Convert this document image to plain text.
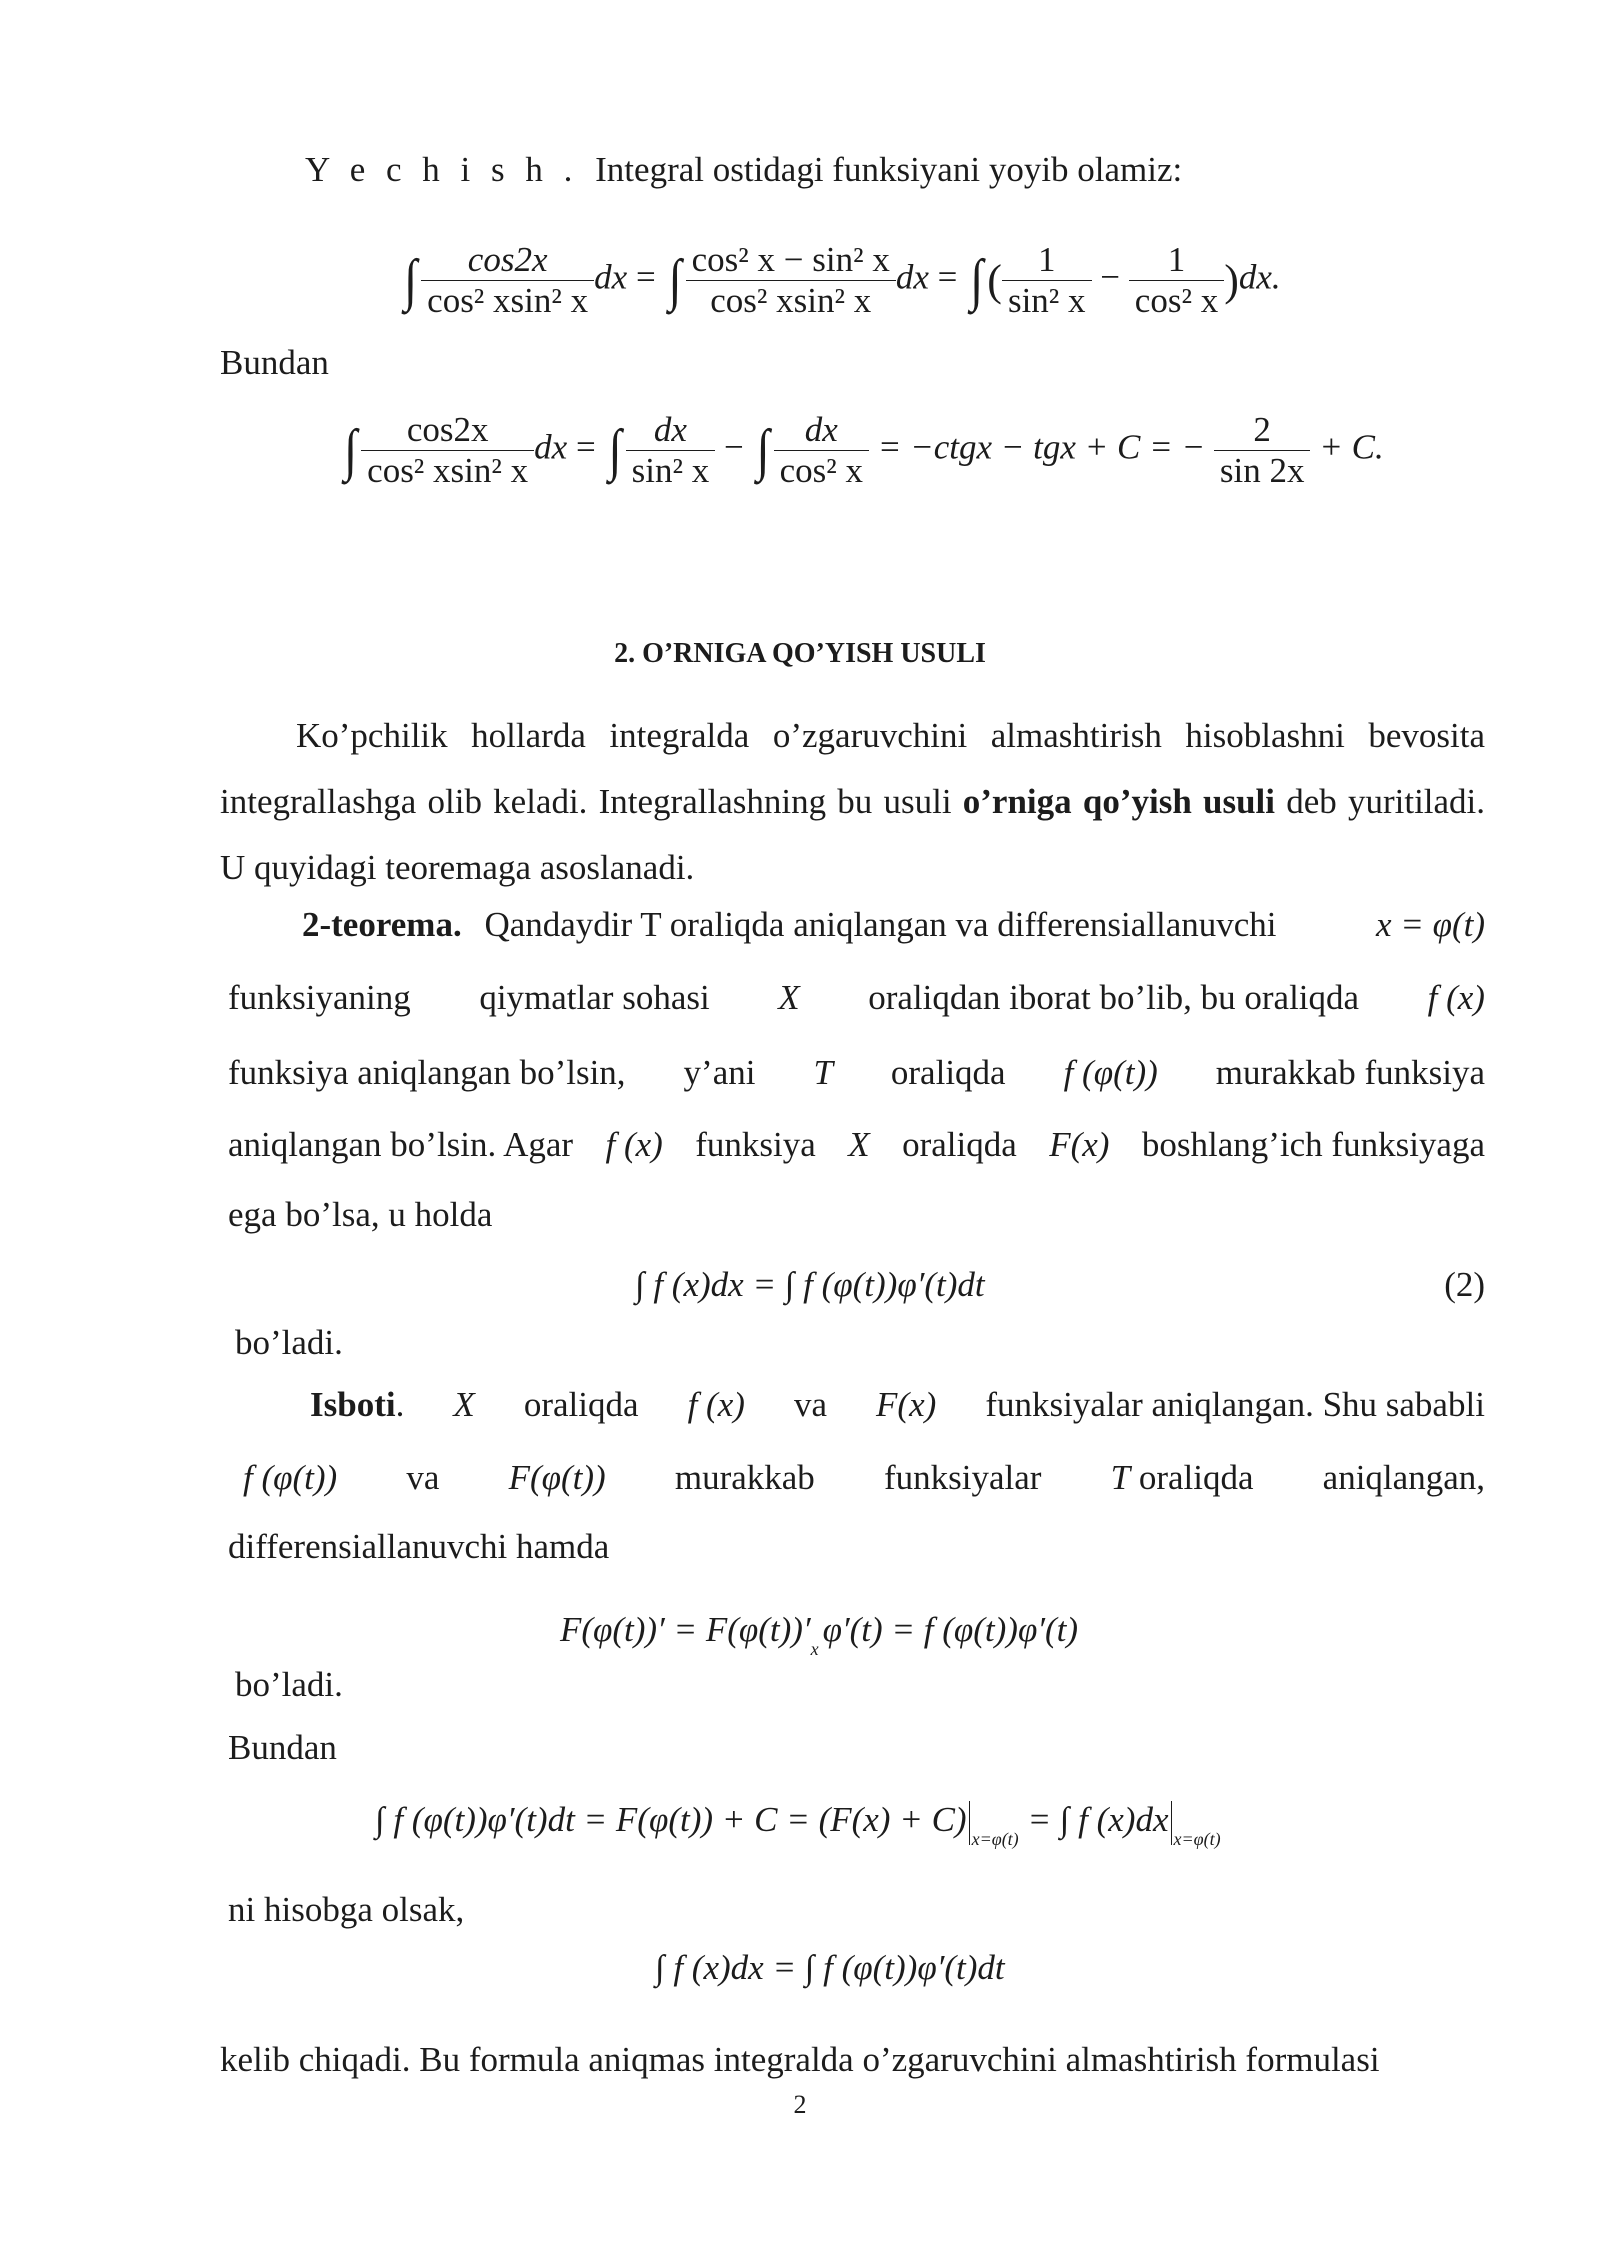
Y e c h i s h . Integral ostidagi funksiyani yoyib olamiz:
∫ $\frac{\cos 2x}{\text{cos² xsin² x}}$ dx = ∫ $\frac{\text{cos² x − sin² x}}{\text{cos² xsin² x}}$ dx = ∫( $\frac{1}{\text{sin² x}} - \frac{1}{\text{cos² x}} )dx$.
Bundan
∫ $\frac{\cos 2x}{\text{cos² xsin² x}}$ dx = ∫ $\frac{dx}{\text{sin² x}}$ − ∫ $\frac{dx}{\text{cos² x}}$ = −ctgx − tgx + C = − $\frac{2}{\sin 2x} + C$.
2. O’RNIGA QO’YISH USULI
Ko’pchilik hollarda integralda o’zgaruvchini almashtirish hisoblashni bevosita integrallashga olib keladi. Integrallashning bu usuli o’rniga qo’yish usuli deb yuritiladi. U quyidagi teoremaga asoslanadi.
2-teorema. Qandaydir T oraliqda aniqlangan va differensiallanuvchi	x = φ(t)
funksiyaning qiymatlar sohasi X oraliqdan iborat bo’lib, bu oraliqda f (x)
funksiya aniqlangan bo’lsin, y’ani T oraliqda f (φ(t)) murakkab funksiya
aniqlangan bo’lsin. Agar f (x) funksiya X oraliqda F(x) boshlang’ich funksiyaga
ega bo’lsa, u holda
∫ f (x)dx = ∫ f (φ(t))φ′(t)dt	(2)
bo’ladi.
Isboti. X oraliqda f (x) va F(x) funksiyalar aniqlangan. Shu sababli
f (φ(t)) va F(φ(t)) murakkab funksiyalar T oraliqda aniqlangan,
differensiallanuvchi hamda
$F(\varphi(t))' = F(\varphi(t))'_x$ φ′(t) = f (φ(t))φ′(t)
bo’ladi.
Bundan
∫ f (φ(t))φ′(t)dt = F(φ(t)) + C = (F(x) + C) $_{x=\varphi(t)}$ = ∫ f (x)dx $_{x=\varphi(t)}$
ni hisobga olsak,
∫ f (x)dx = ∫ f (φ(t))φ′(t)dt
kelib chiqadi. Bu formula aniqmas integralda o’zgaruvchini almashtirish formulasi
2
